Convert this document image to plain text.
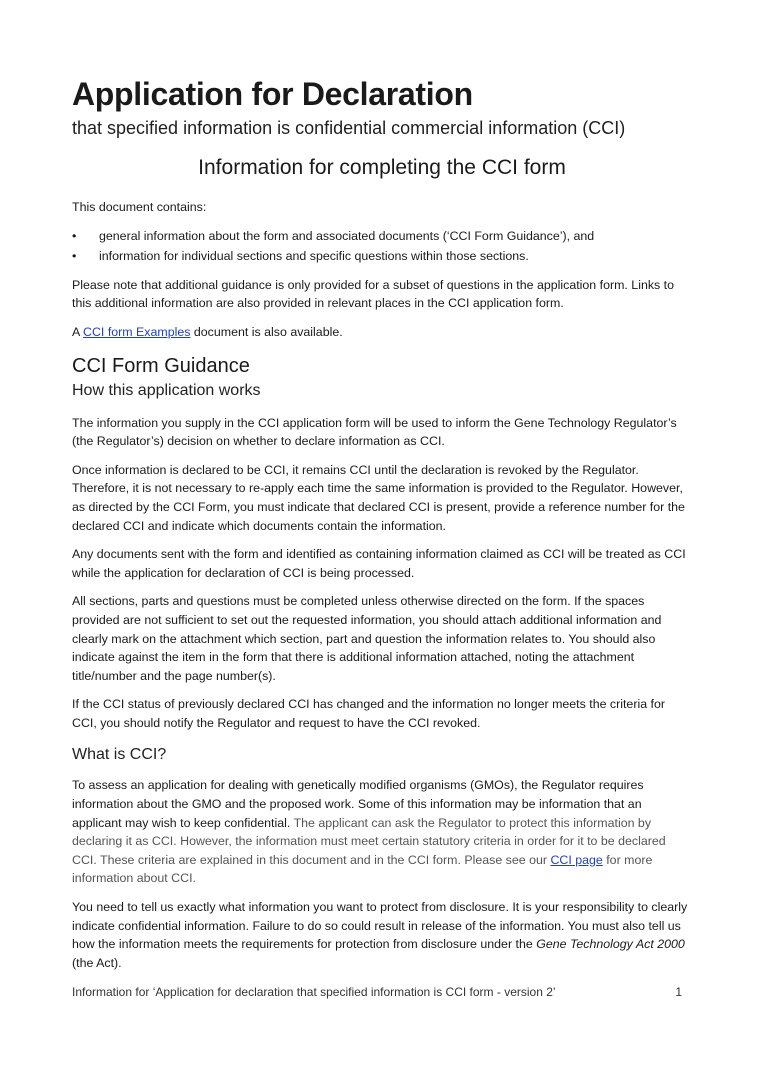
Application for Declaration
that specified information is confidential commercial information (CCI)
Information for completing the CCI form

This document contains:

• general information about the form and associated documents (‘CCI Form Guidance’), and
• information for individual sections and specific questions within those sections.

Please note that additional guidance is only provided for a subset of questions in the application form. Links to this additional information are also provided in relevant places in the CCI application form.

A CCI form Examples document is also available.

CCI Form Guidance
How this application works

The information you supply in the CCI application form will be used to inform the Gene Technology Regulator’s (the Regulator’s) decision on whether to declare information as CCI.

Once information is declared to be CCI, it remains CCI until the declaration is revoked by the Regulator. Therefore, it is not necessary to re-apply each time the same information is provided to the Regulator. However, as directed by the CCI Form, you must indicate that declared CCI is present, provide a reference number for the declared CCI and indicate which documents contain the information.

Any documents sent with the form and identified as containing information claimed as CCI will be treated as CCI while the application for declaration of CCI is being processed.

All sections, parts and questions must be completed unless otherwise directed on the form. If the spaces provided are not sufficient to set out the requested information, you should attach additional information and clearly mark on the attachment which section, part and question the information relates to. You should also indicate against the item in the form that there is additional information attached, noting the attachment title/number and the page number(s).

If the CCI status of previously declared CCI has changed and the information no longer meets the criteria for CCI, you should notify the Regulator and request to have the CCI revoked.

What is CCI?

To assess an application for dealing with genetically modified organisms (GMOs), the Regulator requires information about the GMO and the proposed work. Some of this information may be information that an applicant may wish to keep confidential. The applicant can ask the Regulator to protect this information by declaring it as CCI. However, the information must meet certain statutory criteria in order for it to be declared CCI. These criteria are explained in this document and in the CCI form. Please see our CCI page for more information about CCI.

You need to tell us exactly what information you want to protect from disclosure. It is your responsibility to clearly indicate confidential information. Failure to do so could result in release of the information. You must also tell us how the information meets the requirements for protection from disclosure under the Gene Technology Act 2000 (the Act).

Information for ‘Application for declaration that specified information is CCI form - version 2’	1
